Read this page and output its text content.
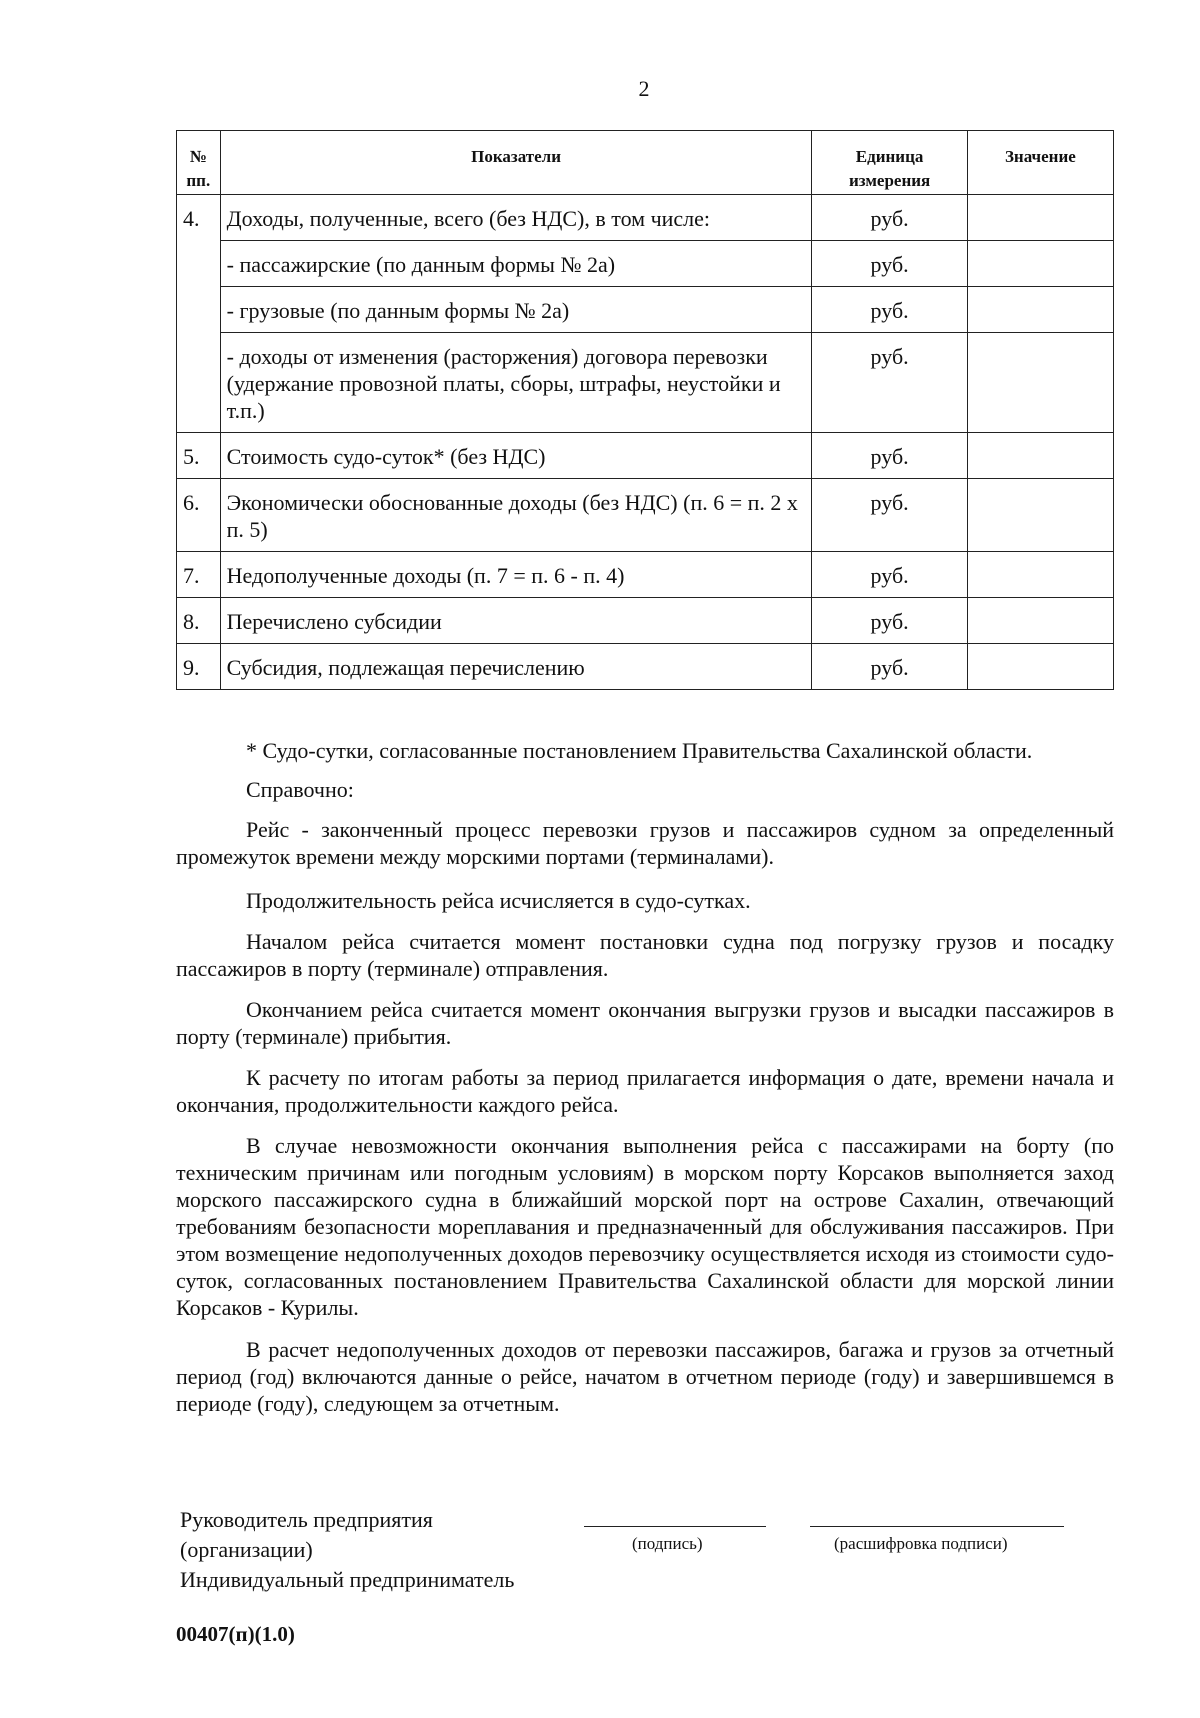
2
№ пп.	Показатели	Единица измерения	Значение
4.	Доходы, полученные, всего (без НДС), в том числе:	руб.	
	- пассажирские (по данным формы № 2а)	руб.	
	- грузовые (по данным формы № 2а)	руб.	
	- доходы от изменения (расторжения) договора перевозки (удержание провозной платы, сборы, штрафы, неустойки и т.п.)	руб.	
5.	Стоимость судо-суток* (без НДС)	руб.	
6.	Экономически обоснованные доходы (без НДС) (п. 6 = п. 2 х п. 5)	руб.	
7.	Недополученные доходы (п. 7 = п. 6 - п. 4)	руб.	
8.	Перечислено субсидии	руб.	
9.	Субсидия, подлежащая перечислению	руб.	
* Судо-сутки, согласованные постановлением Правительства Сахалинской области.
Справочно:

Рейс - законченный процесс перевозки грузов и пассажиров судном за определенный промежуток времени между морскими портами (терминалами).

Продолжительность рейса исчисляется в судо-сутках.

Началом рейса считается момент постановки судна под погрузку грузов и посадку пассажиров в порту (терминале) отправления.

Окончанием рейса считается момент окончания выгрузки грузов и высадки пассажиров в порту (терминале) прибытия.

К расчету по итогам работы за период прилагается информация о дате, времени начала и окончания, продолжительности каждого рейса.

В случае невозможности окончания выполнения рейса с пассажирами на борту (по техническим причинам или погодным условиям) в морском порту Корсаков выполняется заход морского пассажирского судна в ближайший морской порт на острове Сахалин, отвечающий требованиям безопасности мореплавания и предназначенный для обслуживания пассажиров. При этом возмещение недополученных доходов перевозчику осуществляется исходя из стоимости судо-суток, согласованных постановлением Правительства Сахалинской области для морской линии Корсаков - Курилы.

В расчет недополученных доходов от перевозки пассажиров, багажа и грузов за отчетный период (год) включаются данные о рейсе, начатом в отчетном периоде (году) и завершившемся в периоде (году), следующем за отчетным.

Руководитель предприятия
(организации)
Индивидуальный предприниматель
(подпись)	(расшифровка подписи)
00407(п)(1.0)
